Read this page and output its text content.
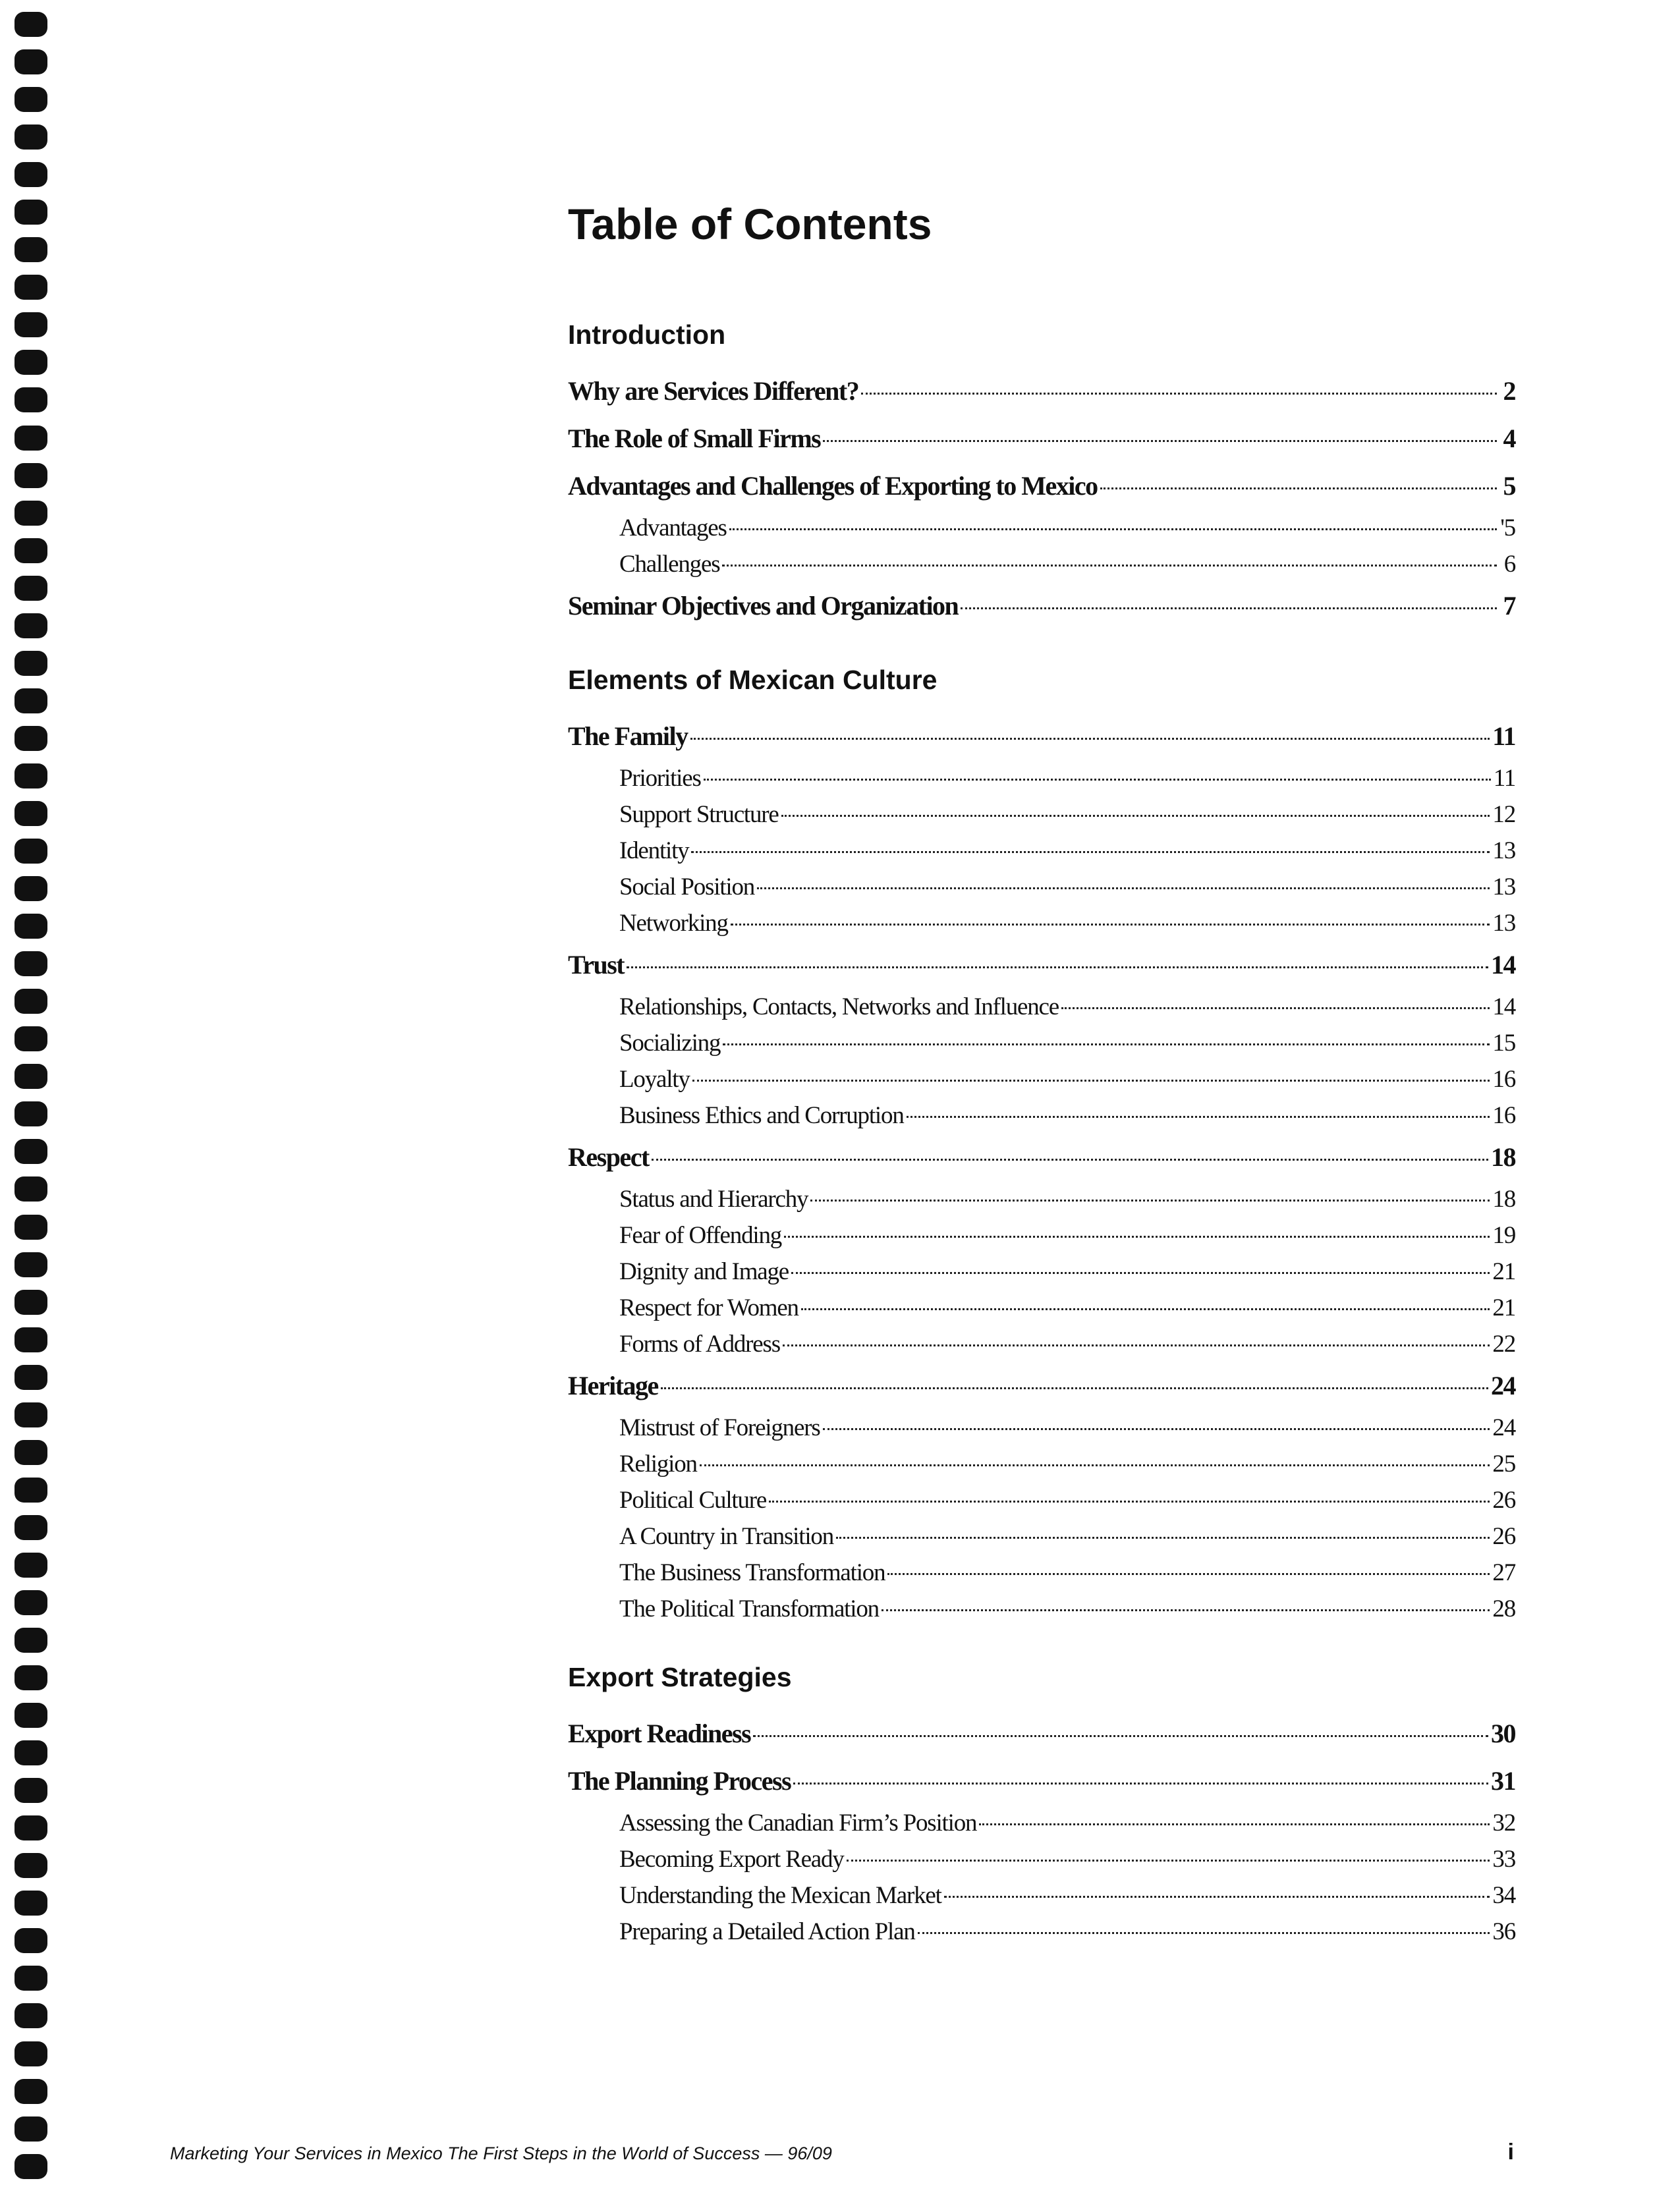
Table of Contents
Introduction
Why are Services Different?	2
The Role of Small Firms	4
Advantages and Challenges of Exporting to Mexico	5
Advantages	'5
Challenges	6
Seminar Objectives and Organization	7
Elements of Mexican Culture
The Family	11
Priorities	11
Support Structure	12
Identity	13
Social Position	13
Networking	13
Trust	14
Relationships, Contacts, Networks and Influence	14
Socializing	15
Loyalty	16
Business Ethics and Corruption	16
Respect	18
Status and Hierarchy	18
Fear of Offending	19
Dignity and Image	21
Respect for Women	21
Forms of Address	22
Heritage	24
Mistrust of Foreigners	24
Religion	25
Political Culture	26
A Country in Transition	26
The Business Transformation	27
The Political Transformation	28
Export Strategies
Export Readiness	30
The Planning Process	31
Assessing the Canadian Firm’s Position	32
Becoming Export Ready	33
Understanding the Mexican Market	34
Preparing a Detailed Action Plan	36
Marketing Your Services in Mexico The First Steps in the World of Success — 96/09	i
